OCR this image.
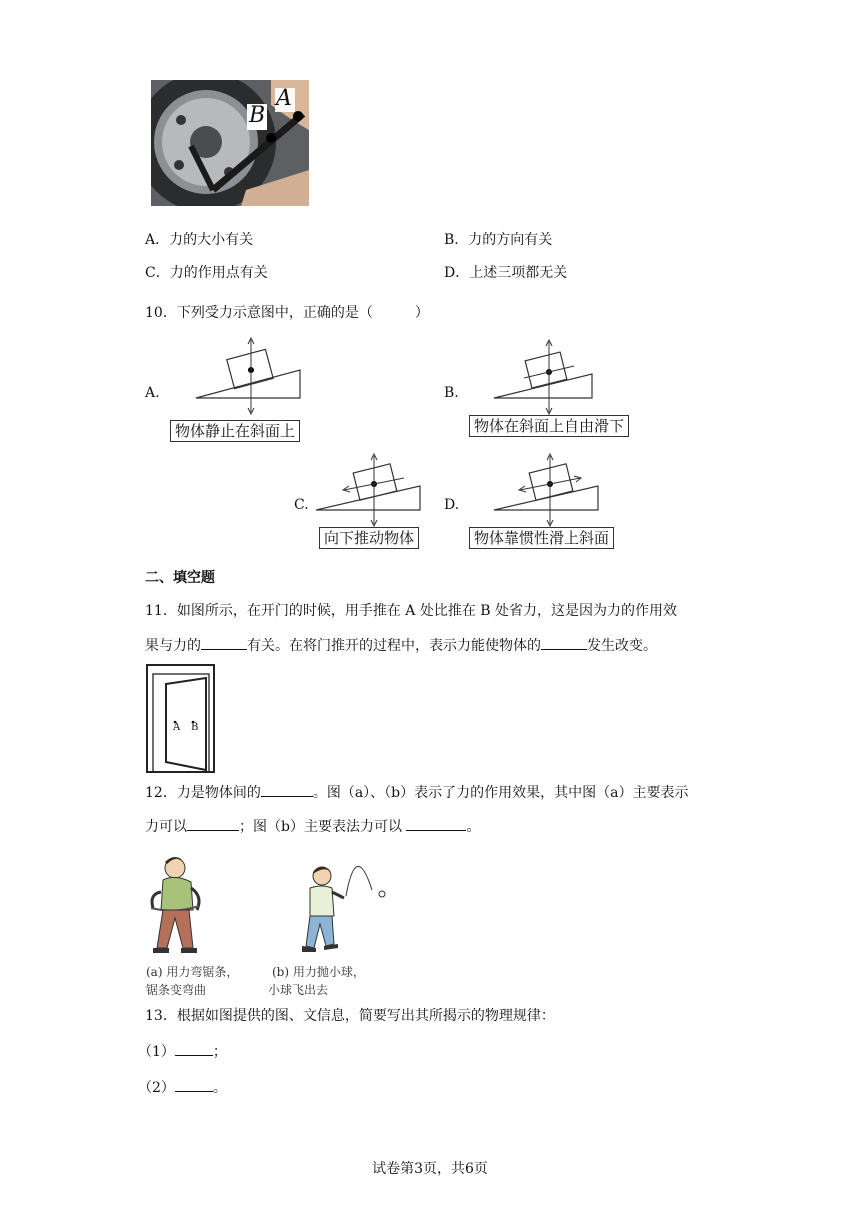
A
B
A．力的大小有关	B．力的方向有关
C．力的作用点有关	D．上述三项都无关
10．下列受力示意图中，正确的是（　　　）
A.
物体静止在斜面上
B.
物体在斜面上自由滑下
C.
向下推动物体
D.
物体靠惯性滑上斜面
二、填空题
11．如图所示，在开门的时候，用手推在 A 处比推在 B 处省力，这是因为力的作用效
果与力的	有关。在将门推开的过程中，表示力能使物体的	发生改变。
A B
12．力是物体间的	。图（a）、（b）表示了力的作用效果，其中图（a）主要表示
力可以	；图（b）主要表法力可以	。
(a) 用力弯锯条，
锯条变弯曲
(b) 用力抛小球，
小球飞出去
13．根据如图提供的图、文信息，简要写出其所揭示的物理规律：
（1）	；
（2）	。
试卷第3页，共6页
